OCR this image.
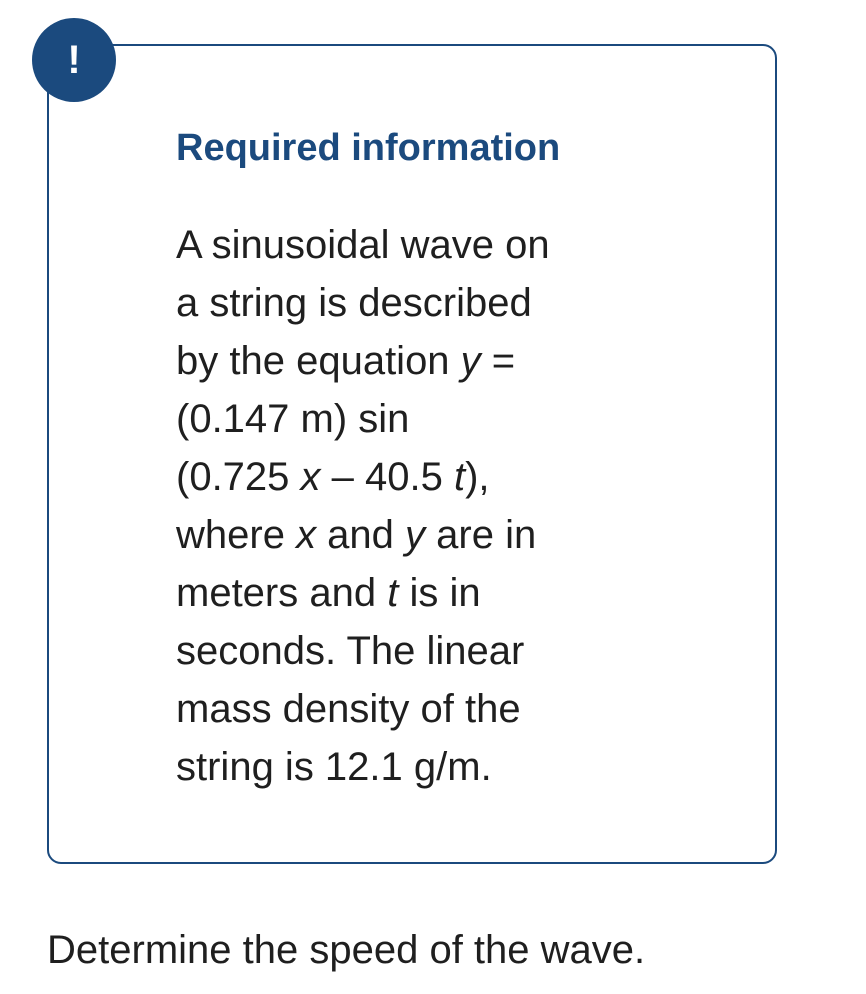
!
Required information
A sinusoidal wave on
a string is described
by the equation y =
(0.147 m) sin
(0.725 x – 40.5 t),
where x and y are in
meters and t is in
seconds. The linear
mass density of the
string is 12.1 g/m.
Determine the speed of the wave.
